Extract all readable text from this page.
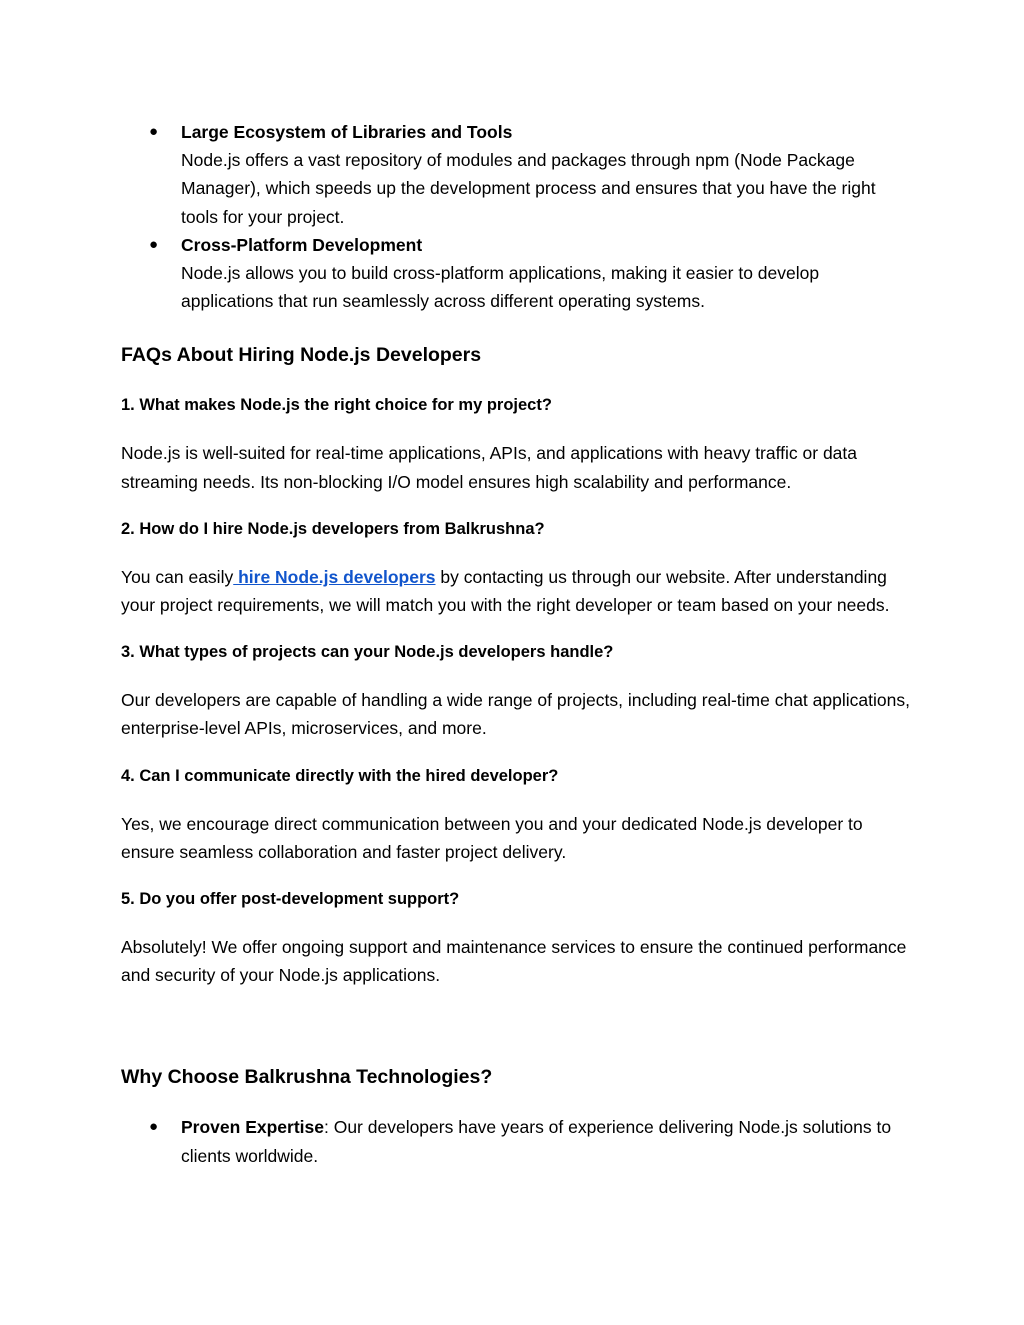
● Large Ecosystem of Libraries and Tools
Node.js offers a vast repository of modules and packages through npm (Node Package Manager), which speeds up the development process and ensures that you have the right tools for your project.
● Cross-Platform Development
Node.js allows you to build cross-platform applications, making it easier to develop applications that run seamlessly across different operating systems.
FAQs About Hiring Node.js Developers
1. What makes Node.js the right choice for my project?

Node.js is well-suited for real-time applications, APIs, and applications with heavy traffic or data streaming needs. Its non-blocking I/O model ensures high scalability and performance.

2. How do I hire Node.js developers from Balkrushna?

You can easily hire Node.js developers by contacting us through our website. After understanding your project requirements, we will match you with the right developer or team based on your needs.

3. What types of projects can your Node.js developers handle?

Our developers are capable of handling a wide range of projects, including real-time chat applications, enterprise-level APIs, microservices, and more.

4. Can I communicate directly with the hired developer?

Yes, we encourage direct communication between you and your dedicated Node.js developer to ensure seamless collaboration and faster project delivery.

5. Do you offer post-development support?

Absolutely! We offer ongoing support and maintenance services to ensure the continued performance and security of your Node.js applications.

Why Choose Balkrushna Technologies?
● Proven Expertise: Our developers have years of experience delivering Node.js solutions to clients worldwide.
